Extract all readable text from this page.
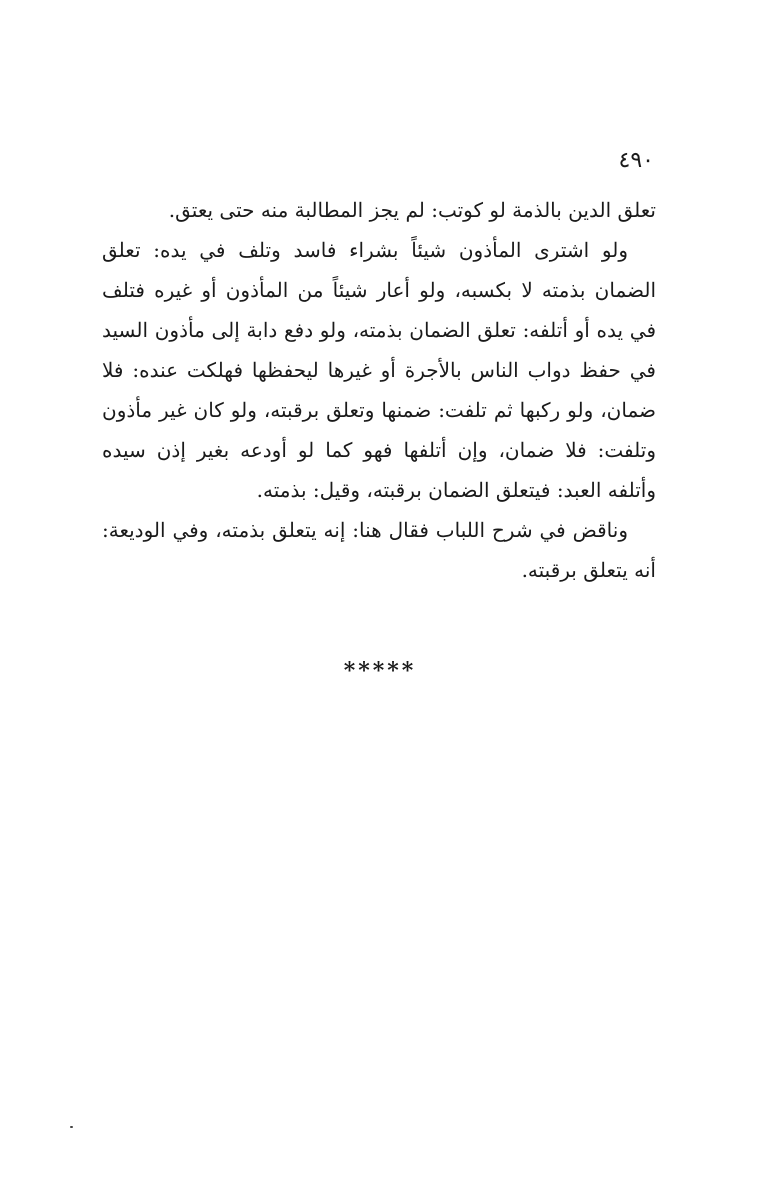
٤٩٠

تعلق الدين بالذمة لو كوتب: لم يجز المطالبة منه حتى يعتق.

ولو اشترى المأذون شيئاً بشراء فاسد وتلف في يده: تعلق الضمان بذمته لا بكسبه، ولو أعار شيئاً من المأذون أو غيره فتلف في يده أو أتلفه: تعلق الضمان بذمته، ولو دفع دابة إلى مأذون السيد في حفظ دواب الناس بالأجرة أو غيرها ليحفظها فهلكت عنده: فلا ضمان، ولو ركبها ثم تلفت: ضمنها وتعلق برقبته، ولو كان غير مأذون وتلفت: فلا ضمان، وإن أتلفها فهو كما لو أودعه بغير إذن سيده وأتلفه العبد: فيتعلق الضمان برقبته، وقيل: بذمته.

وناقض في شرح اللباب فقال هنا: إنه يتعلق بذمته، وفي الوديعة: أنه يتعلق برقبته.

*****
